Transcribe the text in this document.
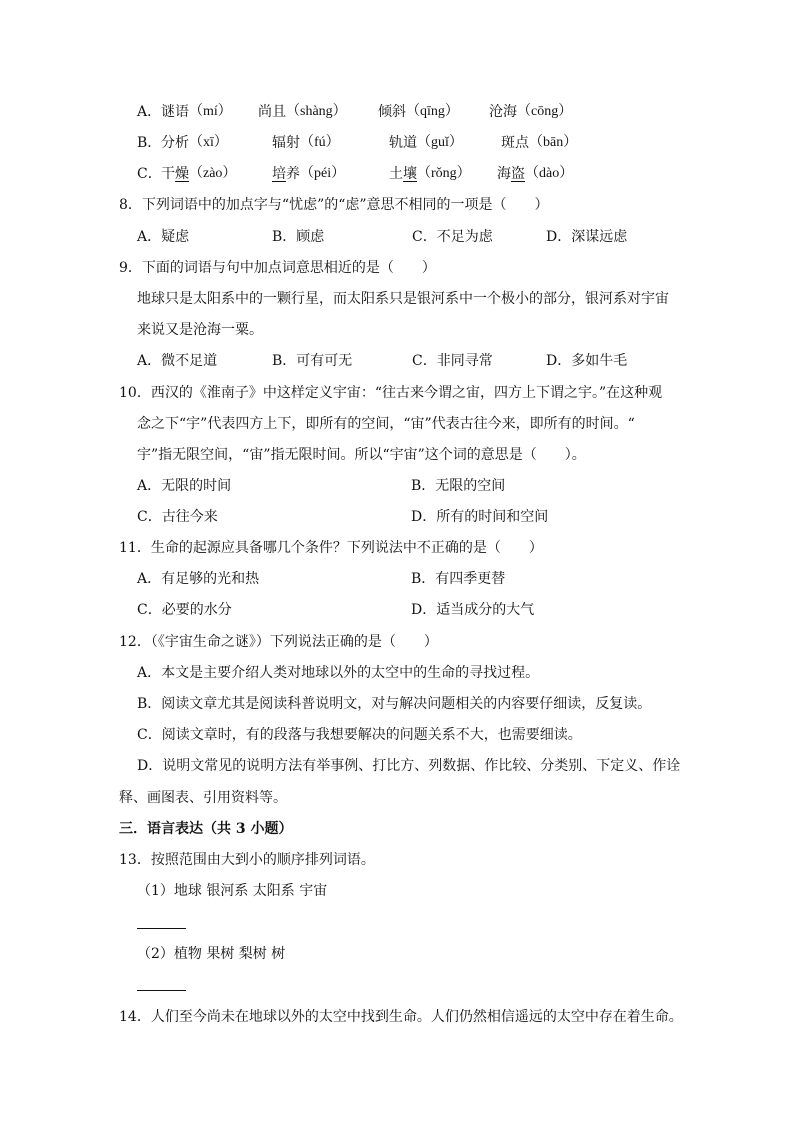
A． 谜语 （mí） 尚且 （shàng） 倾斜 （qīng） 沧海 （cōng）
B． 分析 （xī）	辐射 （fú）	轨道 （guǐ）	斑点 （bān）
C． 干燥 （zào）	培养 （péi）	土壤 （rǒng） 海盗 （dào）
8．下列词语中的加点字与“忧虑”的“虑”意思不相同的一项是（　　）
A．疑虑	B．顾虑	C．不足为虑	D．深谋远虑
9．下面的词语与句中加点词意思相近的是（　　）
地球只是太阳系中的一颗行星，而太阳系只是银河系中一个极小的部分，银河系对宇宙
来说又是沧海一粟。
A．微不足道	B．可有可无	C．非同寻常	D．多如牛毛
10．西汉的《淮南子》中这样定义宇宙：“往古来今谓之宙，四方上下谓之宇。”在这种观
念之下“宇”代表四方上下，即所有的空间，“宙”代表古往今来，即所有的时间。“
宇”指无限空间，“宙”指无限时间。所以“宇宙”这个词的意思是（　　）。
A．无限的时间	B．无限的空间
C．古往今来	D．所有的时间和空间
11．生命的起源应具备哪几个条件？下列说法中不正确的是（　　）
A．有足够的光和热	B．有四季更替
C．必要的水分	D．适当成分的大气
12．（《宇宙生命之谜》）下列说法正确的是（　　）
A．本文是主要介绍人类对地球以外的太空中的生命的寻找过程。
B．阅读文章尤其是阅读科普说明文，对与解决问题相关的内容要仔细读，反复读。
C．阅读文章时，有的段落与我想要解决的问题关系不大，也需要细读。
D．说明文常见的说明方法有举事例、打比方、列数据、作比较、分类别、下定义、作诠
释、画图表、引用资料等。
三．语言表达（共 3 小题）
13．按照范围由大到小的顺序排列词语。
（1）地球 银河系 太阳系 宇宙
（2）植物 果树 梨树 树
14．人们至今尚未在地球以外的太空中找到生命。人们仍然相信遥远的太空中存在着生命。
